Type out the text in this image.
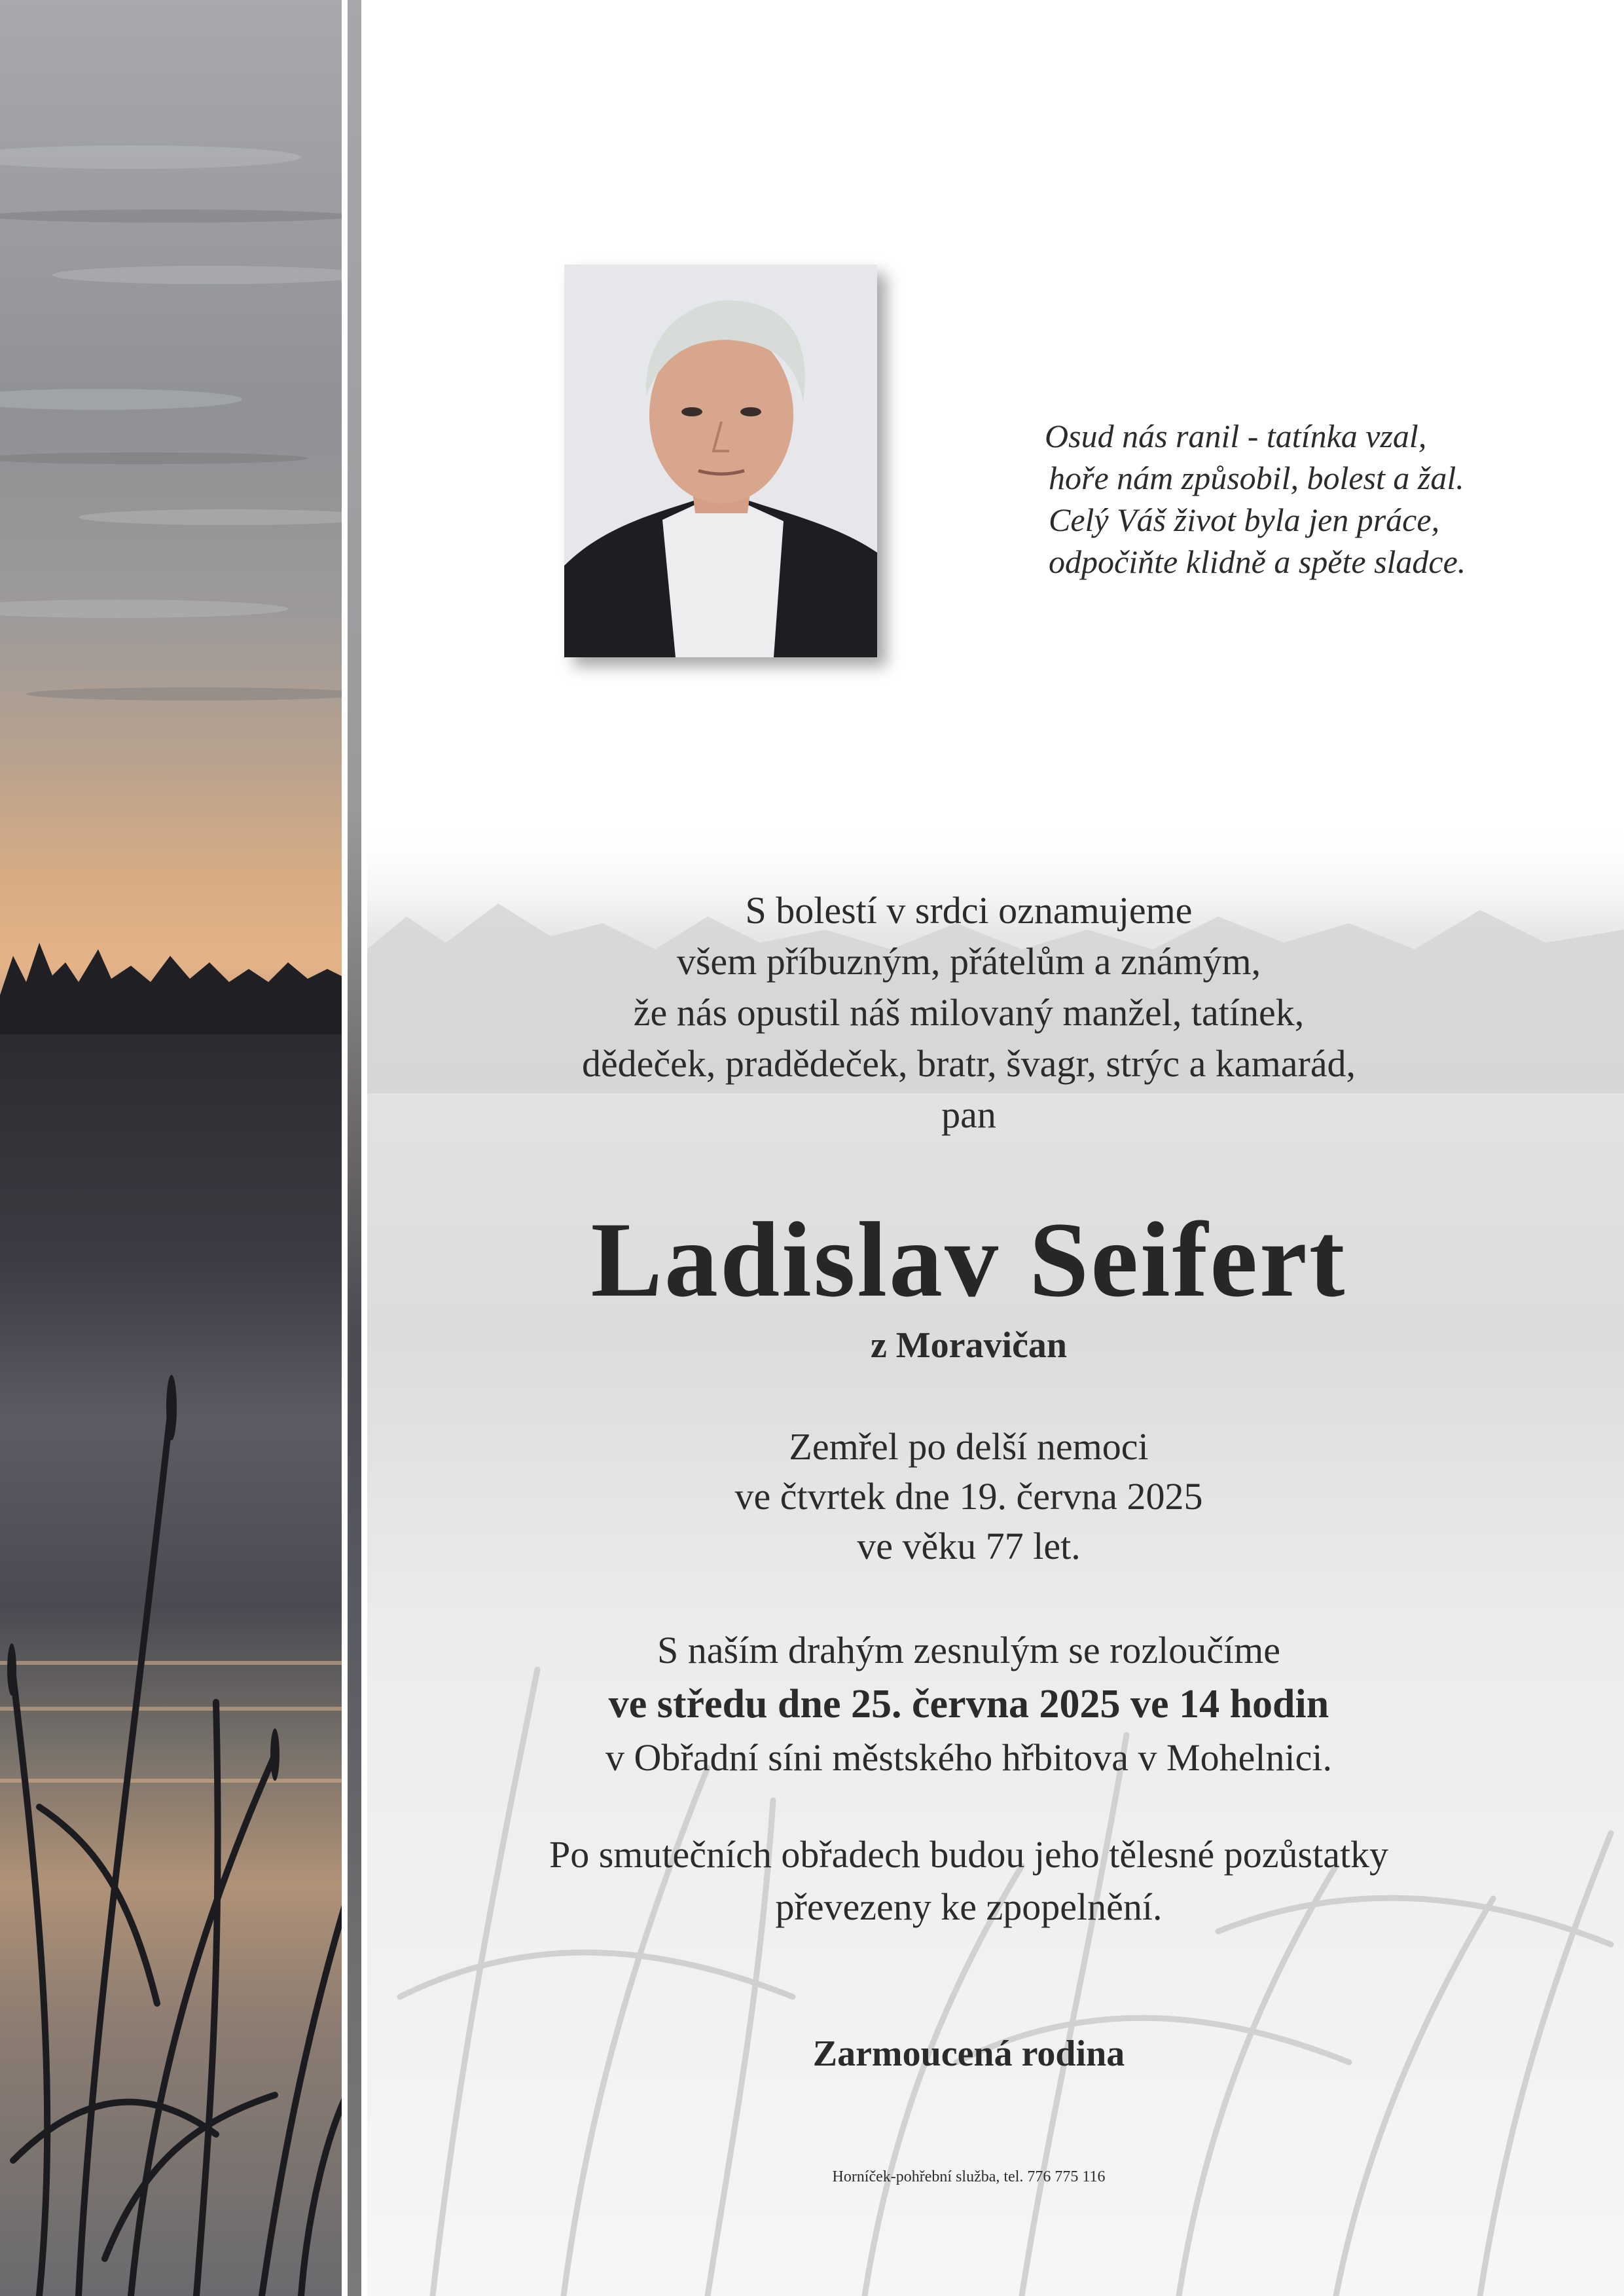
Osud nás ranil - tatínka vzal,
hoře nám způsobil, bolest a žal.
Celý Váš život byla jen práce,
odpočiňte klidně a spěte sladce.
S bolestí v srdci oznamujeme
všem příbuzným, přátelům a známým,
že nás opustil náš milovaný manžel, tatínek,
dědeček, pradědeček, bratr, švagr, strýc a kamarád,
pan
Ladislav Seifert
z Moravičan
Zemřel po delší nemoci
ve čtvrtek dne 19. června 2025
ve věku 77 let.
S naším drahým zesnulým se rozloučíme
ve středu dne 25. června 2025 ve 14 hodin
v Obřadní síni městského hřbitova v Mohelnici.
Po smutečních obřadech budou jeho tělesné pozůstatky
převezeny ke zpopelnění.
Zarmoucená rodina
Horníček-pohřební služba, tel. 776 775 116
